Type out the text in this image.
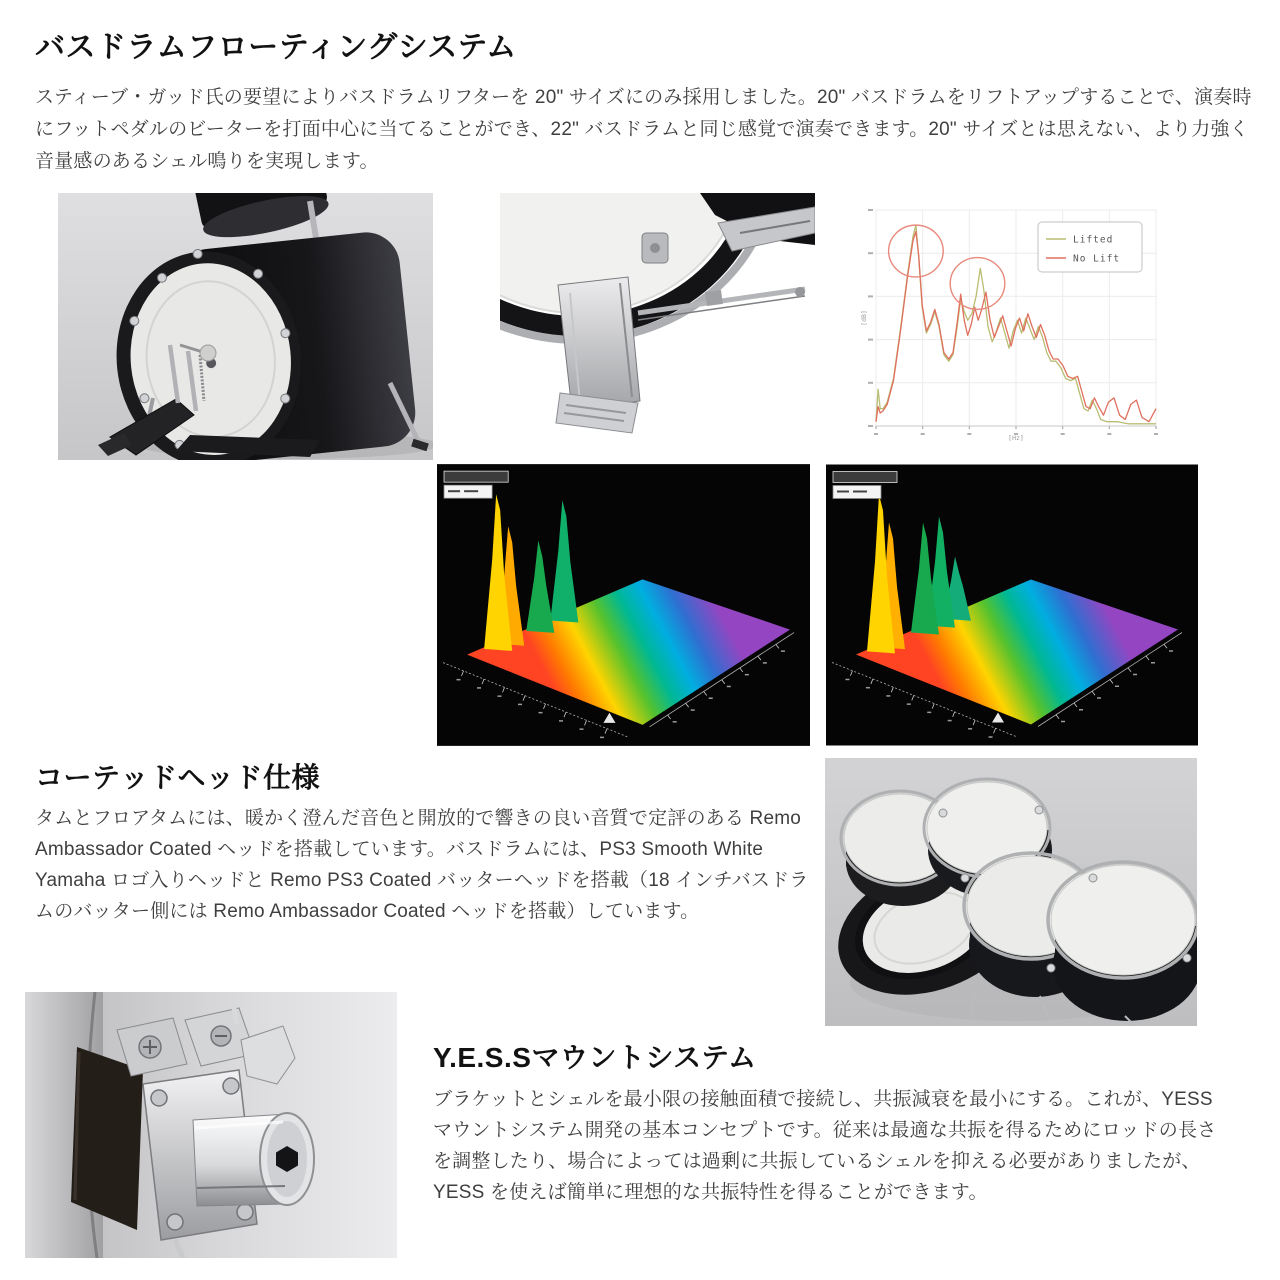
バスドラムフローティングシステム

スティーブ・ガッド氏の要望によりバスドラムリフターを 20" サイズにのみ採用しました。20" バスドラムをリフトアップすることで、演奏時にフットペダルのビーターを打面中心に当てることができ、22" バスドラムと同じ感覚で演奏できます。20" サイズとは思えない、より力強く音量感のあるシェル鳴りを実現します。

Lifted
No Lift
[dB]
[Hz]
コーテッドヘッド仕様

タムとフロアタムには、暖かく澄んだ音色と開放的で響きの良い音質で定評のある Remo Ambassador Coated ヘッドを搭載しています。バスドラムには、PS3 Smooth White Yamaha ロゴ入りヘッドと Remo PS3 Coated バッターヘッドを搭載（18 インチバスドラムのバッター側には Remo Ambassador Coated ヘッドを搭載）しています。

Y.E.S.Sマウントシステム

ブラケットとシェルを最小限の接触面積で接続し、共振減衰を最小にする。これが、YESS マウントシステム開発の基本コンセプトです。従来は最適な共振を得るためにロッドの長さを調整したり、場合によっては過剰に共振しているシェルを抑える必要がありましたが、YESS を使えば簡単に理想的な共振特性を得ることができます。
